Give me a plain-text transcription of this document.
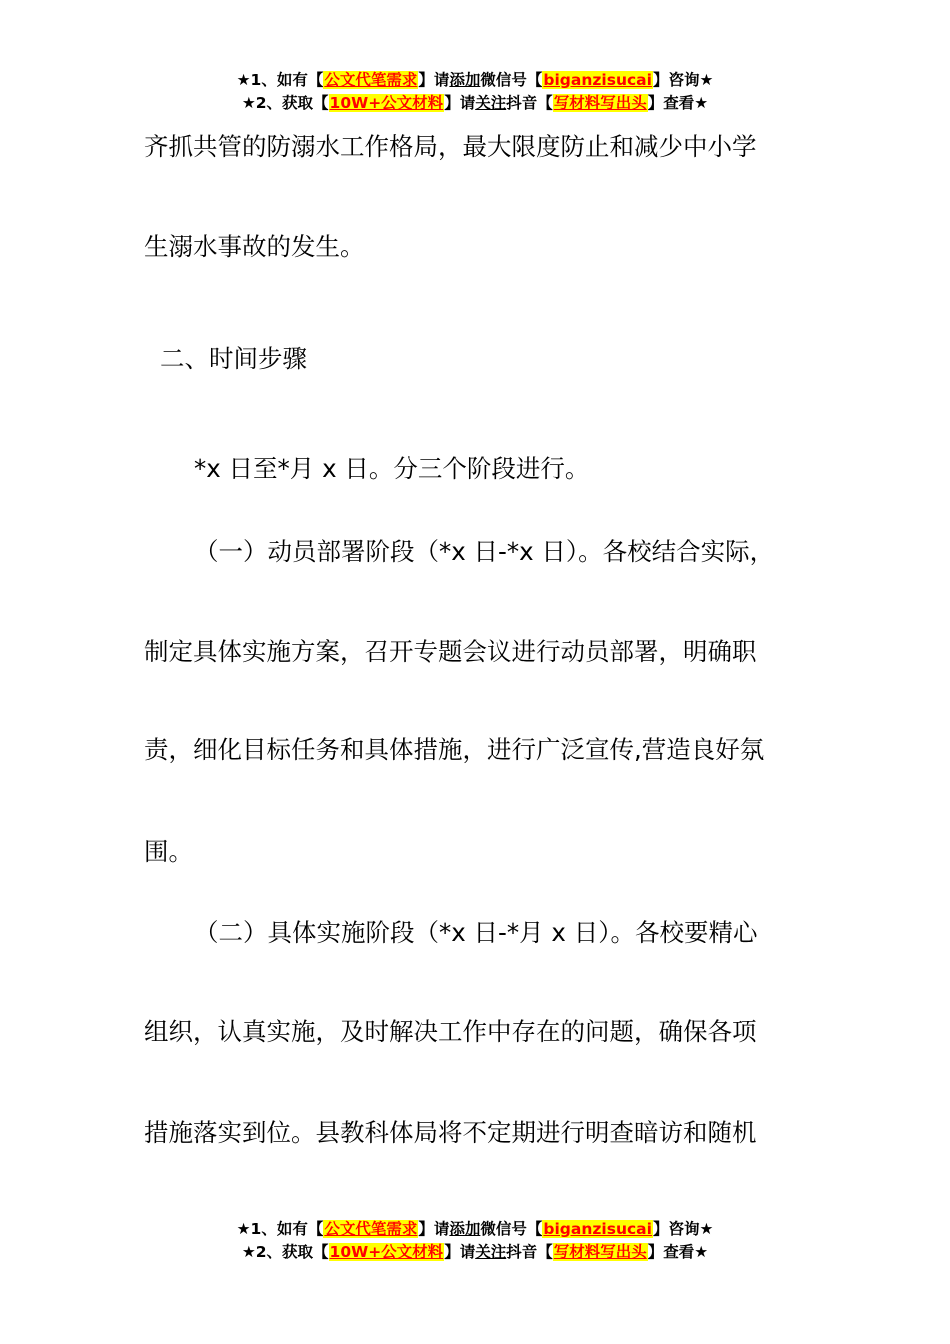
★1、如有【公文代笔需求】请添加微信号【biganzisucai】咨询★
★2、获取【10W+公文材料】请关注抖音【写材料写出头】查看★
齐抓共管的防溺水工作格局，最大限度防止和减少中小学
生溺水事故的发生。
二、时间步骤
*x 日至*月 x 日。分三个阶段进行。
（一）动员部署阶段（*x 日-*x 日）。各校结合实际，
制定具体实施方案，召开专题会议进行动员部署，明确职
责，细化目标任务和具体措施，进行广泛宣传,营造良好氛
围。
（二）具体实施阶段（*x 日-*月 x 日）。各校要精心
组织，认真实施，及时解决工作中存在的问题，确保各项
措施落实到位。县教科体局将不定期进行明查暗访和随机
★1、如有【公文代笔需求】请添加微信号【biganzisucai】咨询★
★2、获取【10W+公文材料】请关注抖音【写材料写出头】查看★
